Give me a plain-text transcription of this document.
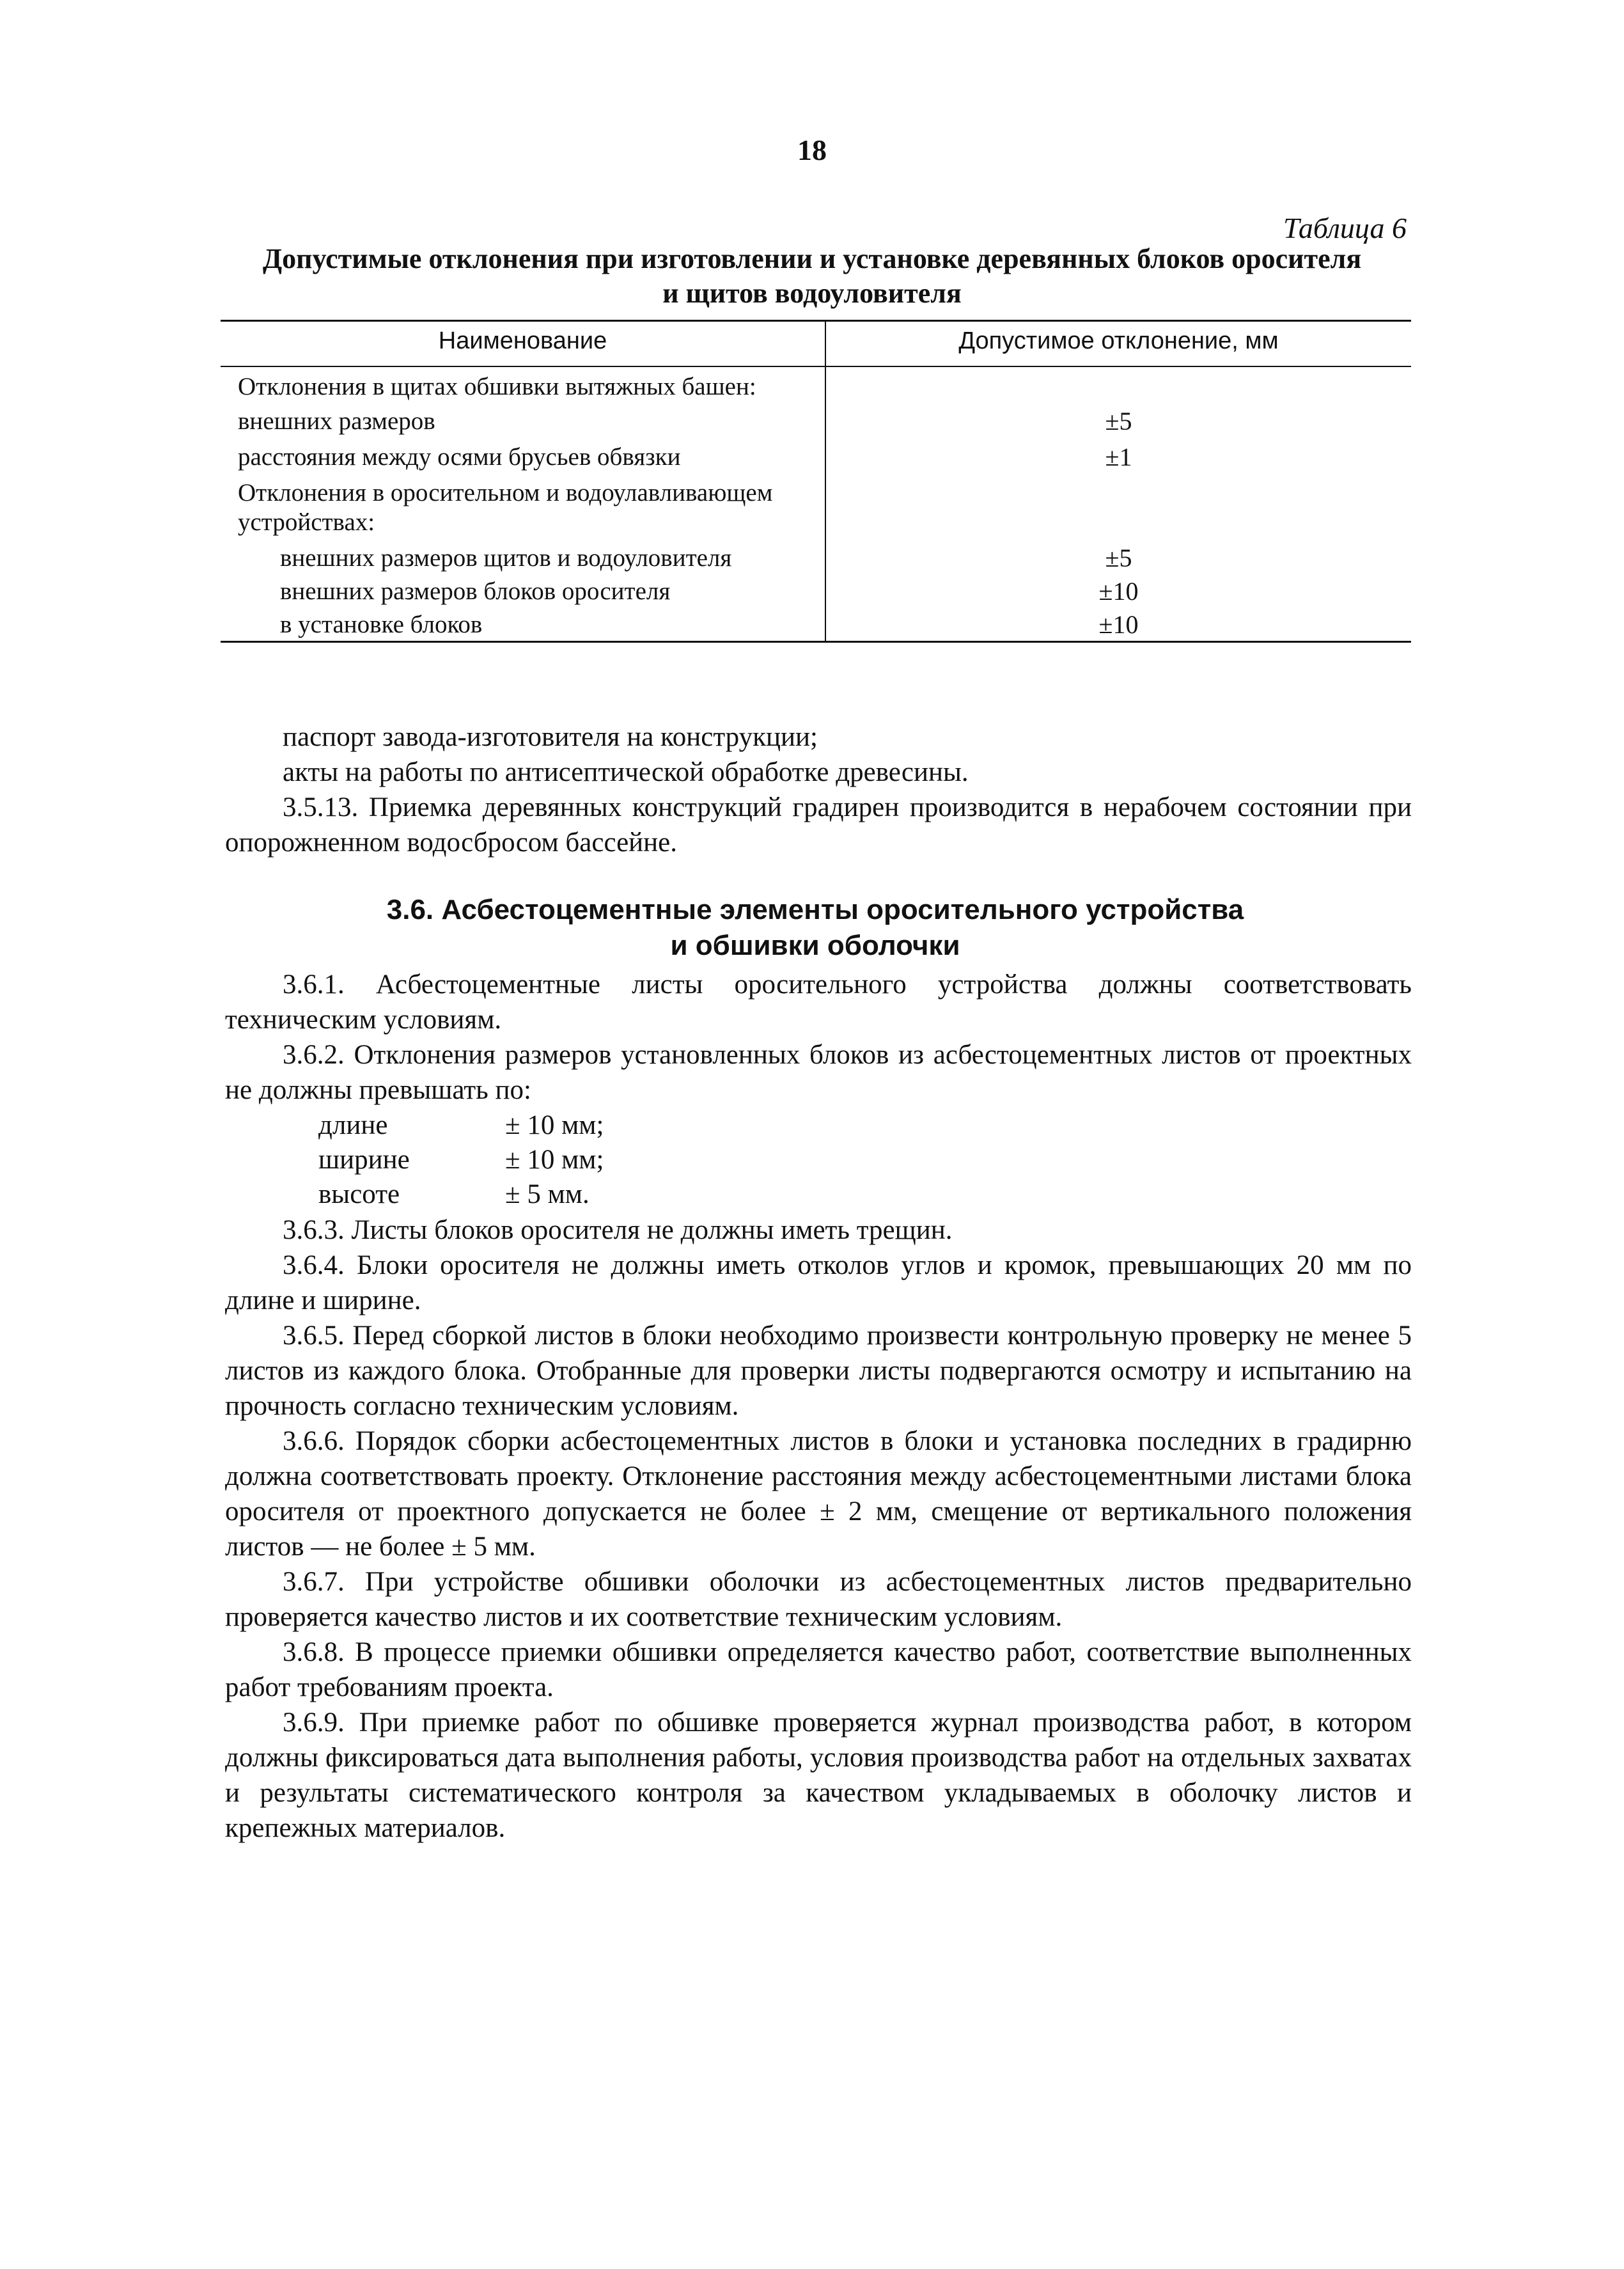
18
Таблица 6
Допустимые отклонения при изготовлении и установке деревянных блоков оросителя
и щитов водоуловителя
Наименование	Допустимое отклонение, мм
Отклонения в щитах обшивки вытяжных башен:
внешних размеров	±5
расстояния между осями брусьев обвязки	±1
Отклонения в оросительном и водоулавливающем
устройствах:
внешних размеров щитов и водоуловителя	±5
внешних размеров блоков оросителя	±10
в установке блоков	±10

паспорт завода-изготовителя на конструкции;

акты на работы по антисептической обработке древесины.

3.5.13. Приемка деревянных конструкций градирен производится в нерабочем состоянии при опорожненном водосбросом бассейне.

3.6. Асбестоцементные элементы оросительного устройства
и обшивки оболочки

3.6.1. Асбестоцементные листы оросительного устройства должны соответствовать техническим условиям.

3.6.2. Отклонения размеров установленных блоков из асбестоцементных листов от проектных не должны превышать по:

длине	± 10 мм;
ширине	± 10 мм;
высоте	± 5 мм.

3.6.3. Листы блоков оросителя не должны иметь трещин.

3.6.4. Блоки оросителя не должны иметь отколов углов и кромок, превышающих 20 мм по длине и ширине.

3.6.5. Перед сборкой листов в блоки необходимо произвести контрольную проверку не менее 5 листов из каждого блока. Отобранные для проверки листы подвергаются осмотру и испытанию на прочность согласно техническим условиям.

3.6.6. Порядок сборки асбестоцементных листов в блоки и установка последних в градирню должна соответствовать проекту. Отклонение расстояния между асбестоцементными листами блока оросителя от проектного допускается не более ± 2 мм, смещение от вертикального положения листов — не более ± 5 мм.

3.6.7. При устройстве обшивки оболочки из асбестоцементных листов предварительно проверяется качество листов и их соответствие техническим условиям.

3.6.8. В процессе приемки обшивки определяется качество работ, соответствие выполненных работ требованиям проекта.

3.6.9. При приемке работ по обшивке проверяется журнал производства работ, в котором должны фиксироваться дата выполнения работы, условия производства работ на отдельных захватах и результаты систематического контроля за качеством укладываемых в оболочку листов и крепежных материалов.
